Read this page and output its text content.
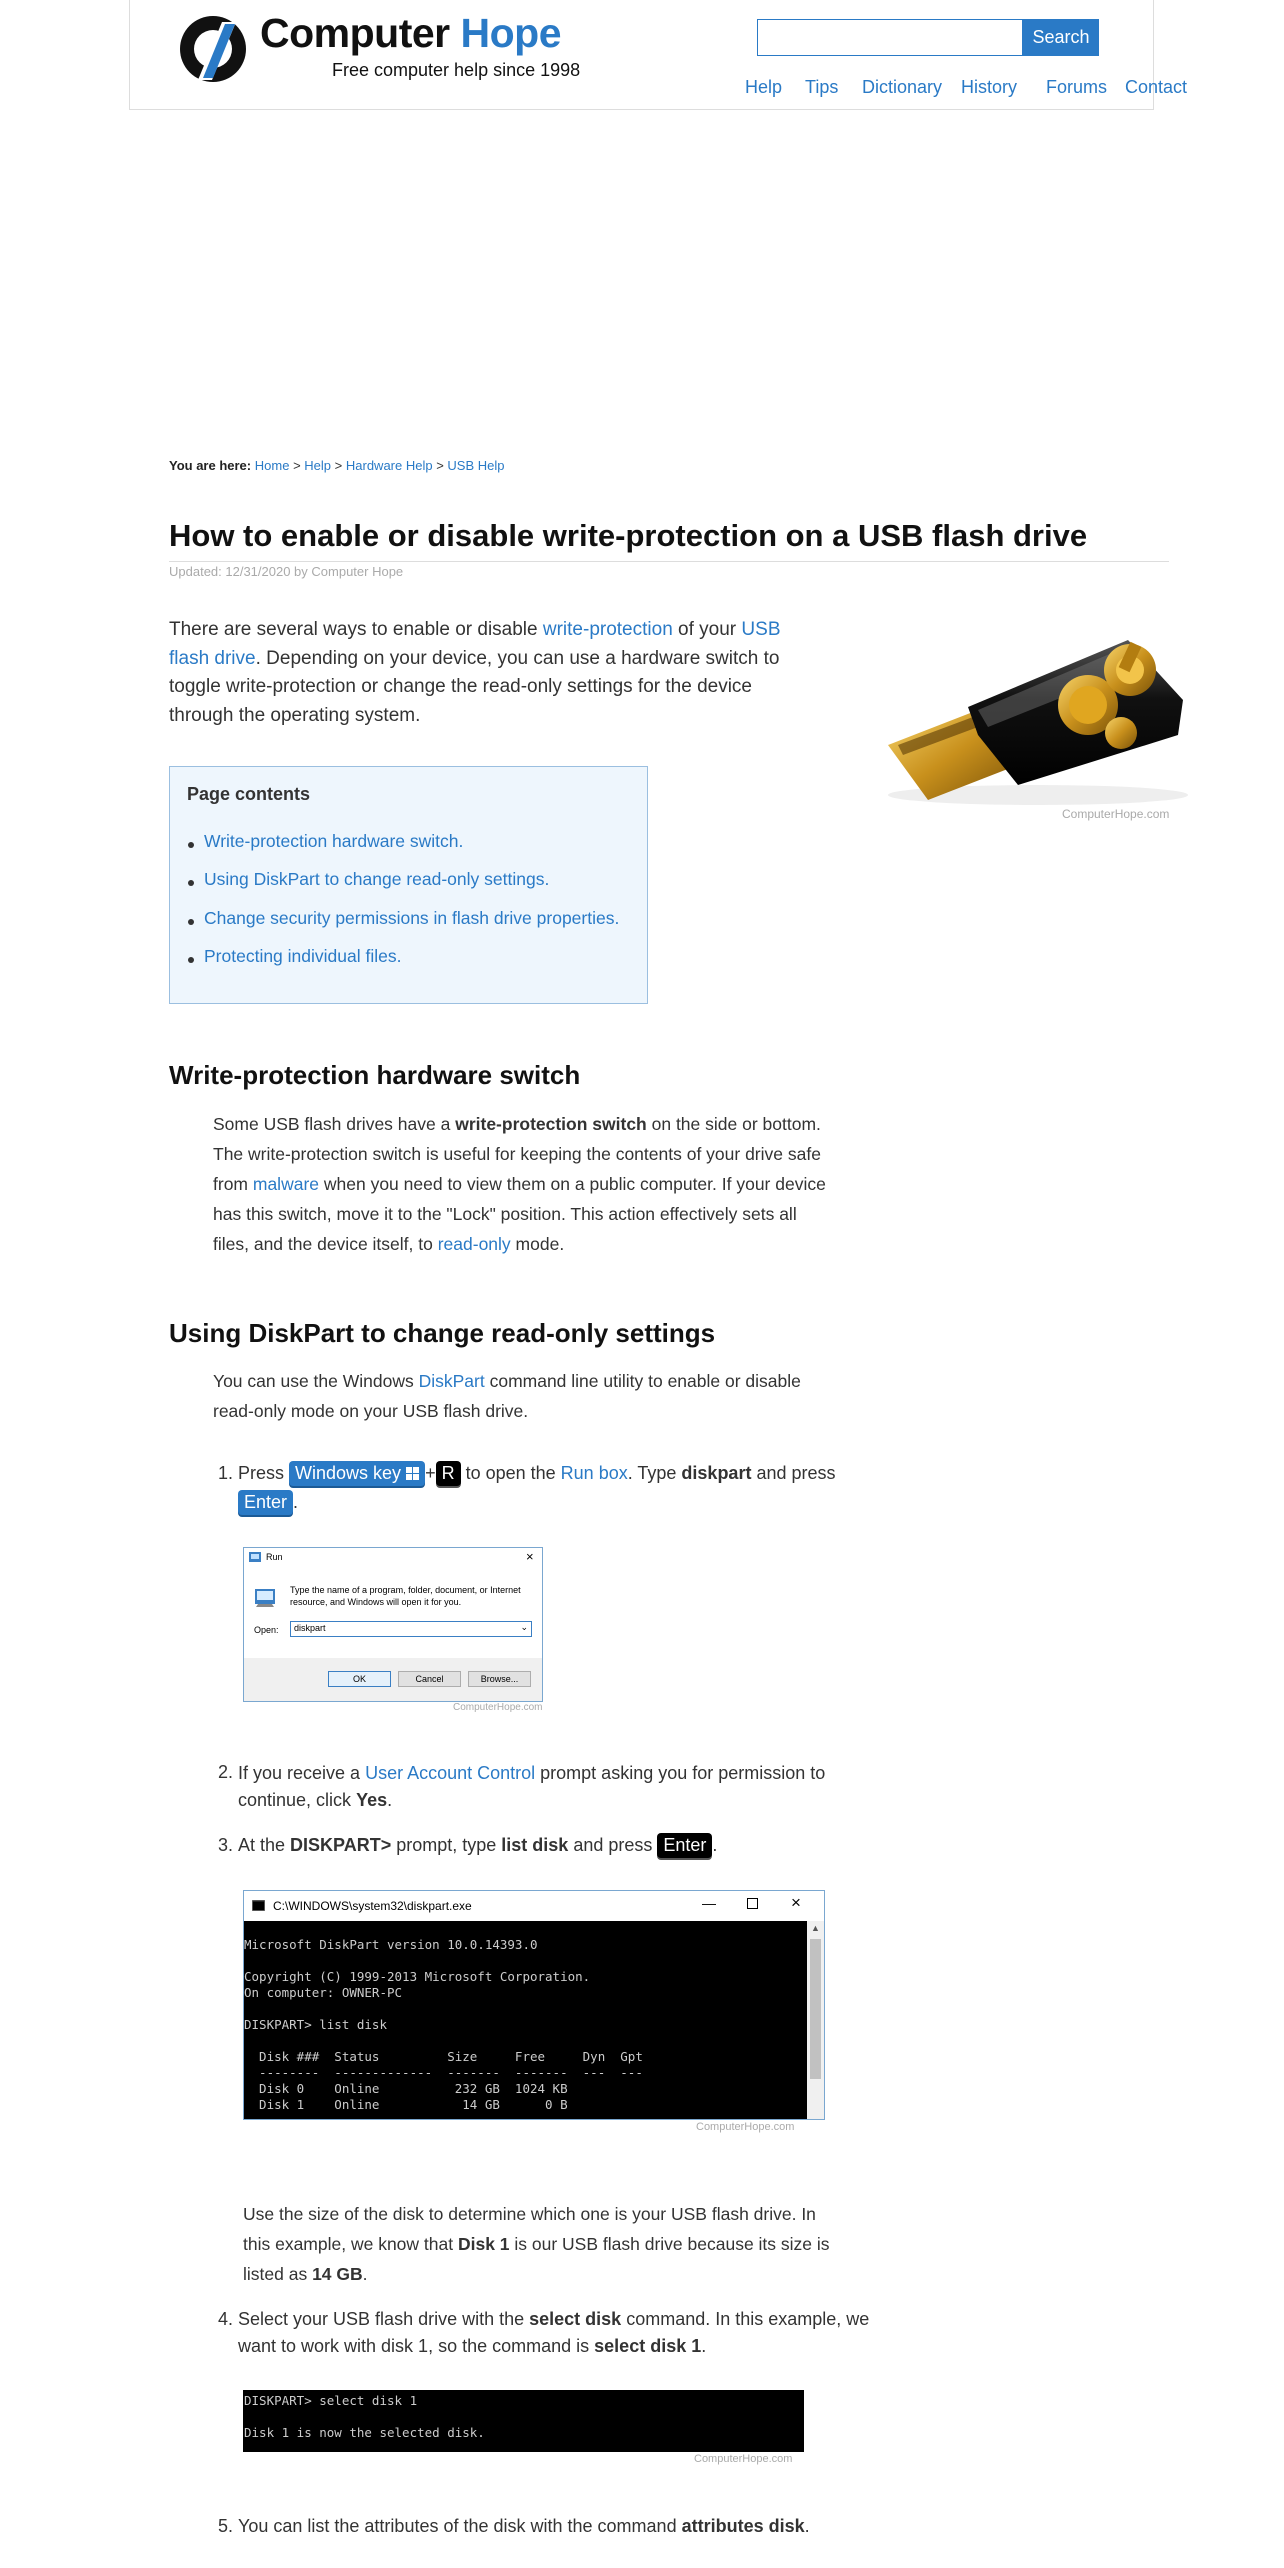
Computer Hope
Free computer help since 1998
Search
Help Tips Dictionary History Forums Contact
You are here: Home > Help > Hardware Help > USB Help
How to enable or disable write-protection on a USB flash drive
Updated: 12/31/2020 by Computer Hope
There are several ways to enable or disable write-protection of your USB
flash drive. Depending on your device, you can use a hardware switch to
toggle write-protection or change the read-only settings for the device
through the operating system.
ComputerHope.com
Page contents
Write-protection hardware switch.
Using DiskPart to change read-only settings.
Change security permissions in flash drive properties.
Protecting individual files.
Write-protection hardware switch
Some USB flash drives have a write-protection switch on the side or bottom.
The write-protection switch is useful for keeping the contents of your drive safe
from malware when you need to view them on a public computer. If your device
has this switch, move it to the "Lock" position. This action effectively sets all
files, and the device itself, to read-only mode.
Using DiskPart to change read-only settings
You can use the Windows DiskPart command line utility to enable or disable
read-only mode on your USB flash drive.
1. Press Windows key + R to open the Run box. Type diskpart and press
Enter .
Run	×
Type the name of a program, folder, document, or Internet
resource, and Windows will open it for you.
Open:	diskpart	⌄
OK	Cancel	Browse...
ComputerHope.com
2. If you receive a User Account Control prompt asking you for permission to
continue, click Yes.
3. At the DISKPART> prompt, type list disk and press Enter .
C:\WINDOWS\system32\diskpart.exe	—	×
Microsoft DiskPart version 10.0.14393.0
Copyright (C) 1999-2013 Microsoft Corporation.
On computer: OWNER-PC
DISKPART> list disk
Disk ###  Status         Size     Free     Dyn  Gpt
--------  -------------  -------  -------  ---  ---
Disk 0    Online          232 GB  1024 KB
Disk 1    Online           14 GB      0 B
▲
ComputerHope.com
Use the size of the disk to determine which one is your USB flash drive. In
this example, we know that Disk 1 is our USB flash drive because its size is
listed as 14 GB.
4. Select your USB flash drive with the select disk command. In this example, we
want to work with disk 1, so the command is select disk 1.
DISKPART> select disk 1
Disk 1 is now the selected disk.
ComputerHope.com
5. You can list the attributes of the disk with the command attributes disk.
